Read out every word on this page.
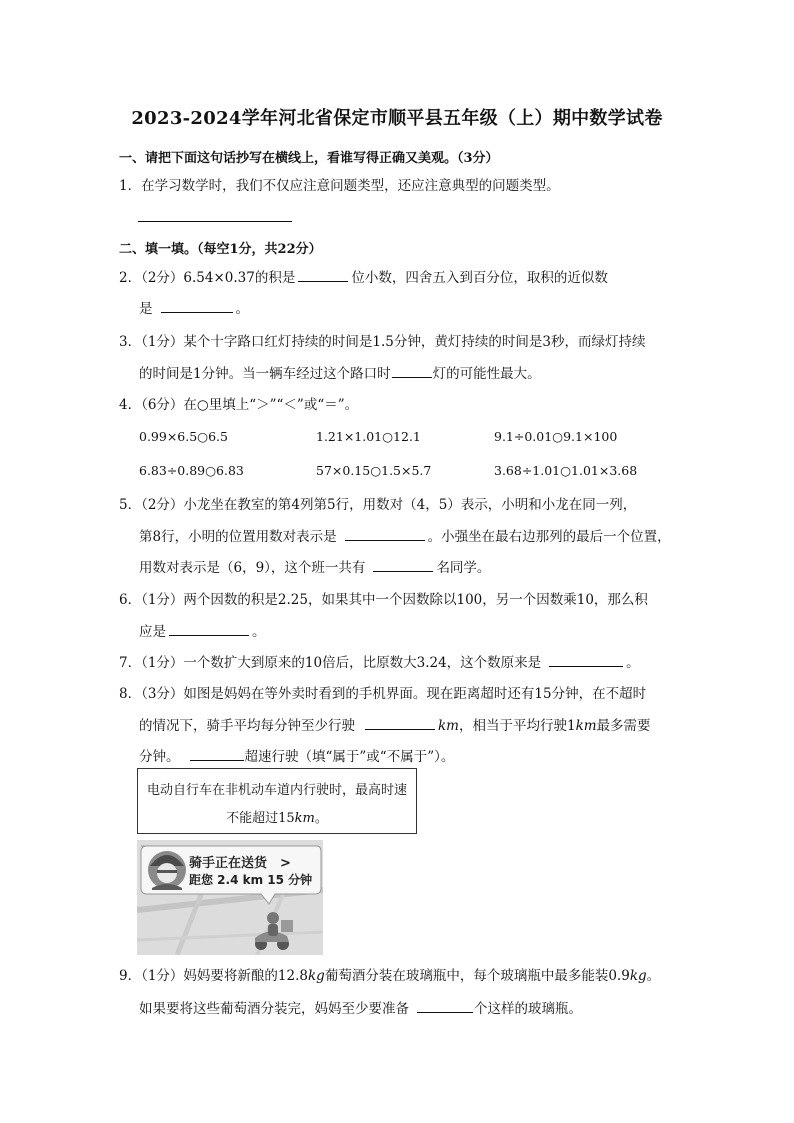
2023-2024学年河北省保定市顺平县五年级（上）期中数学试卷
一、请把下面这句话抄写在横线上，看谁写得正确又美观。（3分）
1．在学习数学时，我们不仅应注意问题类型，还应注意典型的问题类型。
二、填一填。（每空1分，共22分）
2．（2分）6.54×0.37的积是	位小数，四舍五入到百分位，取积的近似数
是	。
3．（1分）某个十字路口红灯持续的时间是1.5分钟，黄灯持续的时间是3秒，而绿灯持续
的时间是1分钟。当一辆车经过这个路口时	灯的可能性最大。
4．（6分）在○里填上“＞”“＜”或“＝”。
0.99×6.5○6.5	1.21×1.01○12.1	9.1÷0.01○9.1×100
6.83÷0.89○6.83	57×0.15○1.5×5.7	3.68÷1.01○1.01×3.68
5．（2分）小龙坐在教室的第4列第5行，用数对（4，5）表示，小明和小龙在同一列，
第8行，小明的位置用数对表示是	。小强坐在最右边那列的最后一个位置，
用数对表示是（6，9），这个班一共有	名同学。
6．（1分）两个因数的积是2.25，如果其中一个因数除以100，另一个因数乘10，那么积
应是	。
7．（1分）一个数扩大到原来的10倍后，比原数大3.24，这个数原来是	。
8．（3分）如图是妈妈在等外卖时看到的手机界面。现在距离超时还有15分钟，在不超时
的情况下，骑手平均每分钟至少行驶	km，相当于平均行驶1km最多需要
分钟。	超速行驶（填“属于”或“不属于”）。
电动自行车在非机动车道内行驶时，最高时速
不能超过15km。
骑手正在送货　>
距您 2.4 km 15 分钟
9．（1分）妈妈要将新酿的12.8kg葡萄酒分装在玻璃瓶中，每个玻璃瓶中最多能装0.9kg。
如果要将这些葡萄酒分装完，妈妈至少要准备	个这样的玻璃瓶。
